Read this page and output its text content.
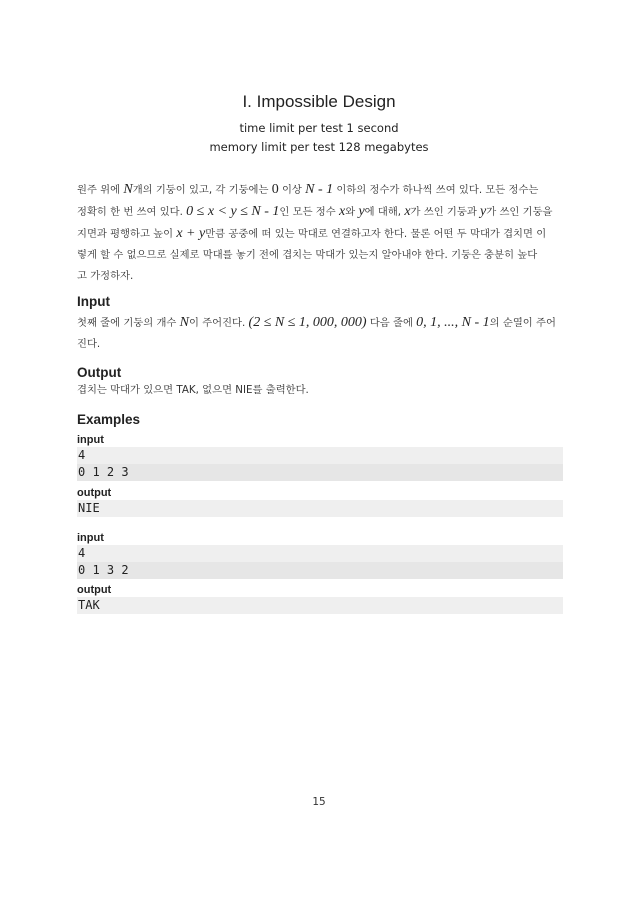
I. Impossible Design
time limit per test 1 second
memory limit per test 128 megabytes
원주 위에 N개의 기둥이 있고, 각 기둥에는 0 이상 N - 1 이하의 정수가 하나씩 쓰여 있다. 모든 정수는
정확히 한 번 쓰여 있다. 0 ≤ x < y ≤ N - 1인 모든 정수 x와 y에 대해, x가 쓰인 기둥과 y가 쓰인 기둥을
지면과 평행하고 높이 x + y만큼 공중에 떠 있는 막대로 연결하고자 한다. 물론 어떤 두 막대가 겹치면 이
렇게 할 수 없으므로 실제로 막대를 놓기 전에 겹치는 막대가 있는지 알아내야 한다. 기둥은 충분히 높다
고 가정하자.
Input
첫째 줄에 기둥의 개수 N이 주어진다. (2 ≤ N ≤ 1, 000, 000) 다음 줄에 0, 1, ..., N - 1의 순열이 주어
진다.
Output
겹치는 막대가 있으면 TAK, 없으면 NIE를 출력한다.
Examples
input
4
0 1 2 3
output
NIE
input
4
0 1 3 2
output
TAK
15
